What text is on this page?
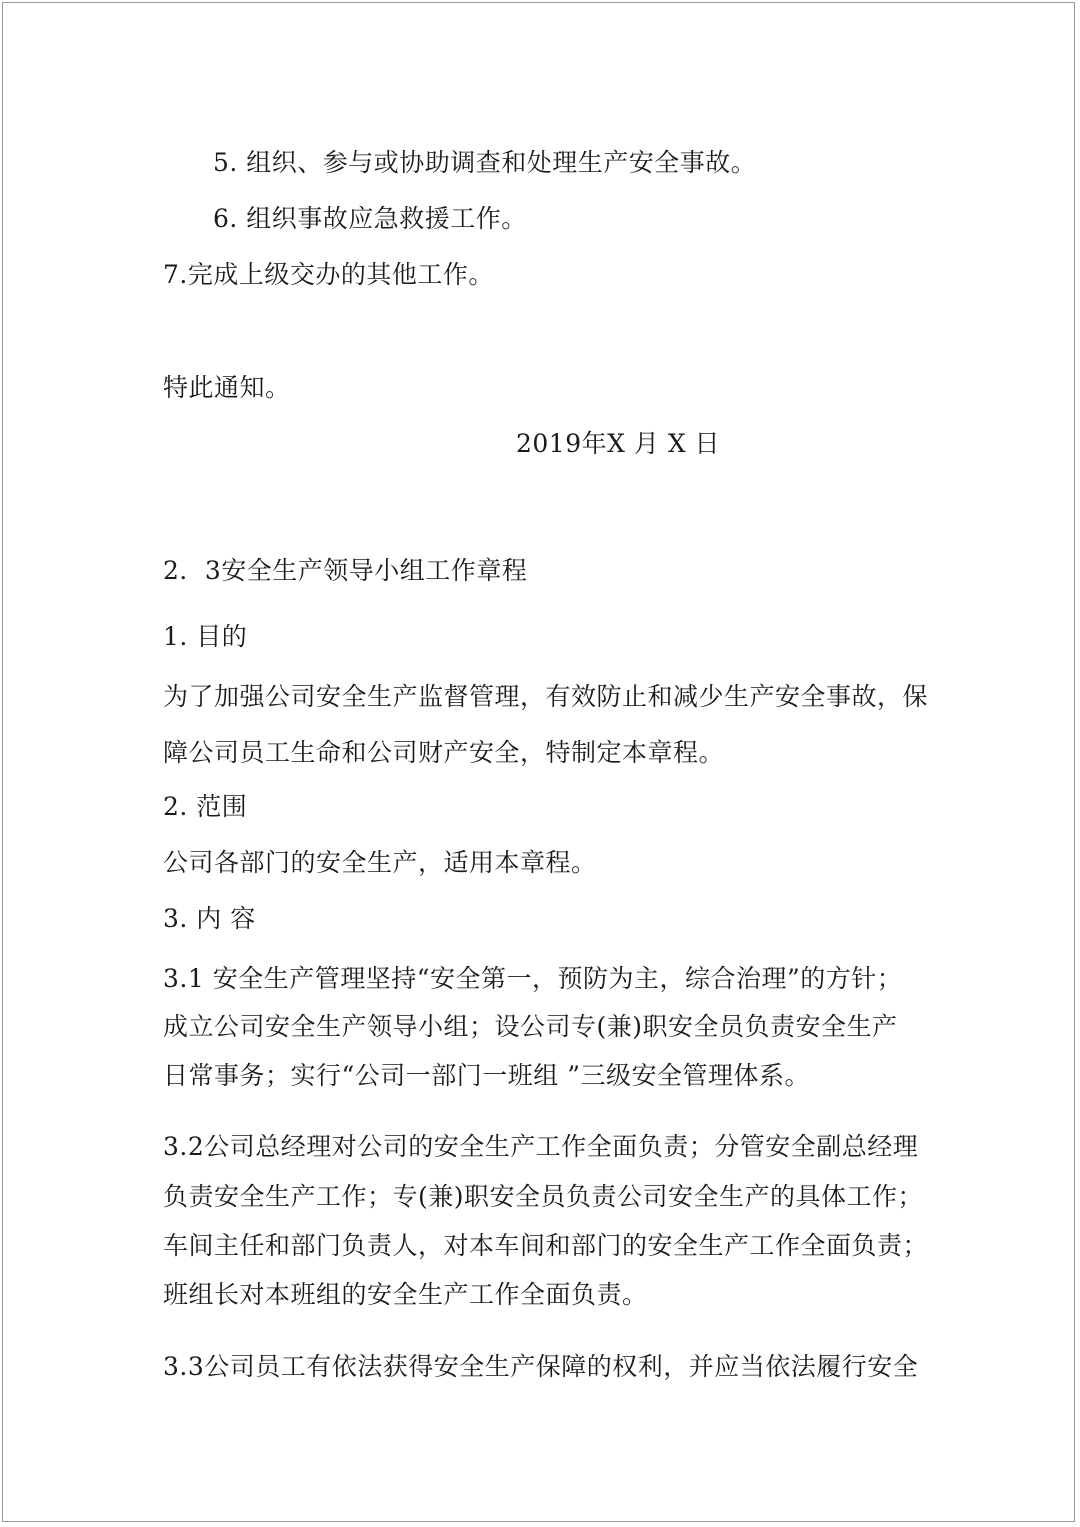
5. 组织、参与或协助调查和处理生产安全事故。
6. 组织事故应急救援工作。
7.完成上级交办的其他工作。
特此通知。
2019年X 月 X 日
2．3安全生产领导小组工作章程
1. 目的
为了加强公司安全生产监督管理，有效防止和减少生产安全事故，保
障公司员工生命和公司财产安全，特制定本章程。
2. 范围
公司各部门的安全生产，适用本章程。
3. 内 容
3.1 安全生产管理坚持“安全第一，预防为主，综合治理”的方针；
成立公司安全生产领导小组；设公司专(兼)职安全员负责安全生产
日常事务；实行“公司一部门一班组 ”三级安全管理体系。
3.2公司总经理对公司的安全生产工作全面负责；分管安全副总经理
负责安全生产工作；专(兼)职安全员负责公司安全生产的具体工作；
车间主任和部门负责人，对本车间和部门的安全生产工作全面负责；
班组长对本班组的安全生产工作全面负责。
3.3公司员工有依法获得安全生产保障的权利，并应当依法履行安全
